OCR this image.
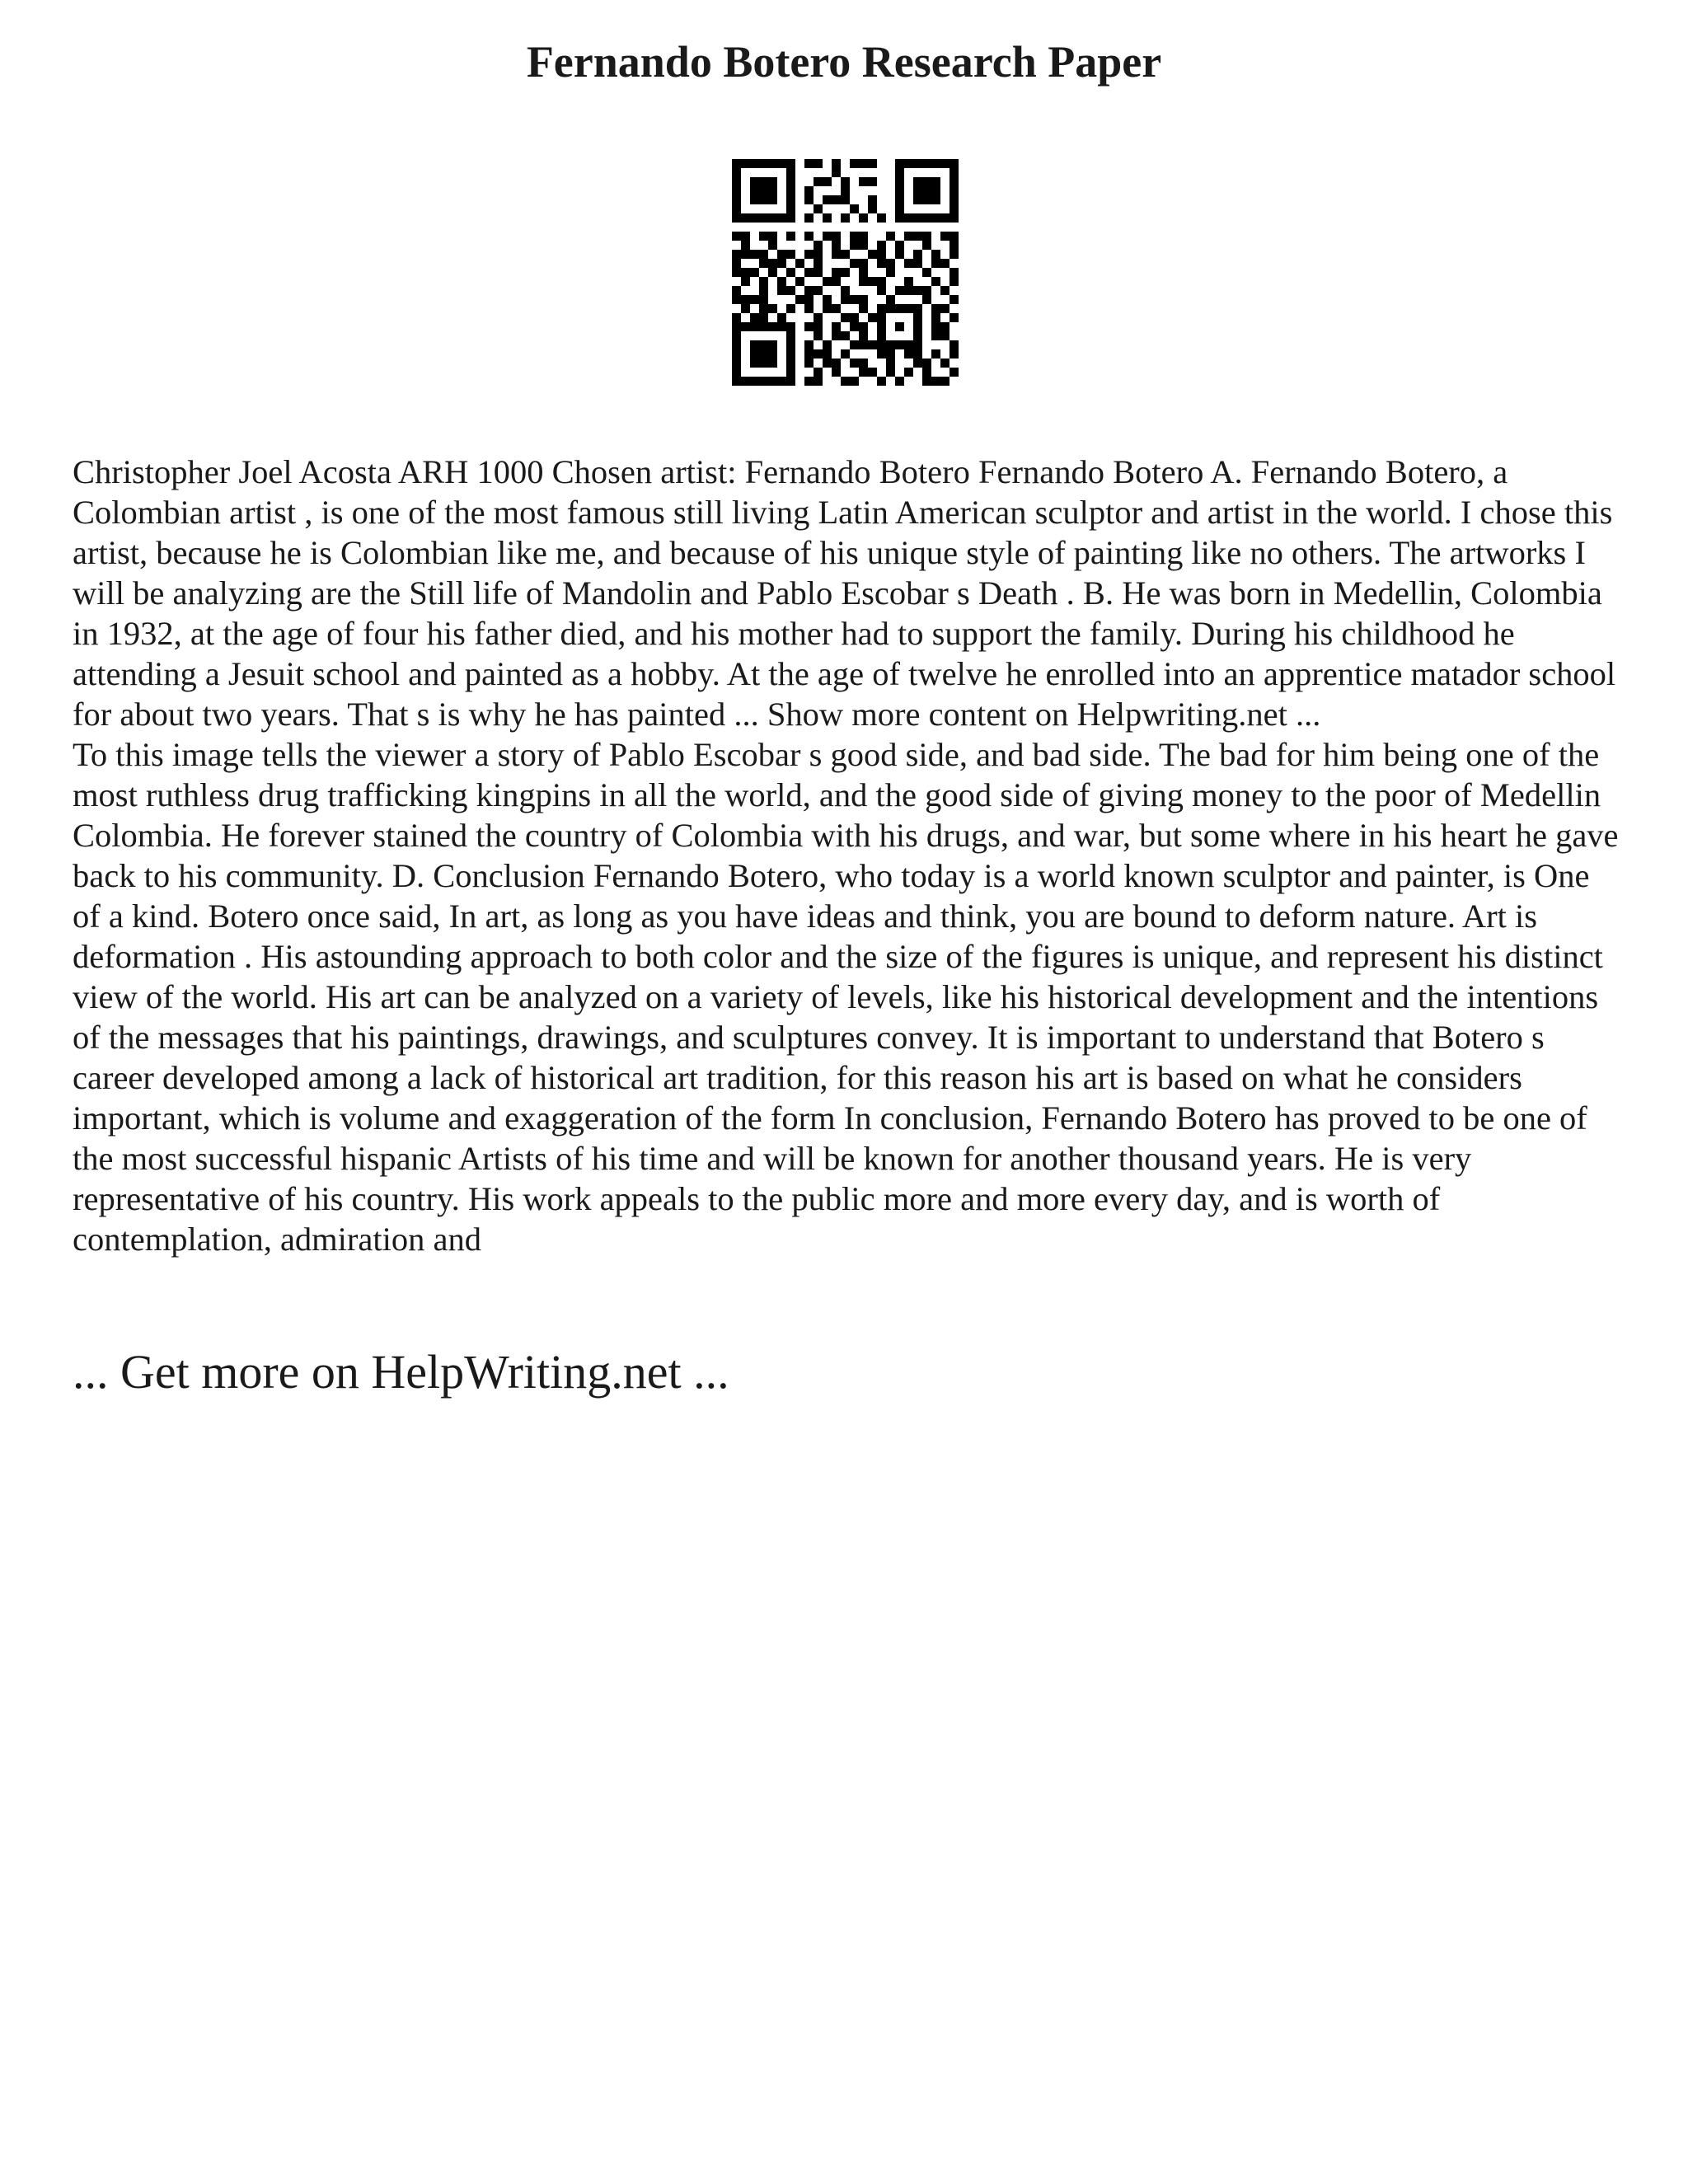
Fernando Botero Research Paper

Christopher Joel Acosta ARH 1000 Chosen artist: Fernando Botero Fernando Botero A. Fernando Botero, a Colombian artist , is one of the most famous still living Latin American sculptor and artist in the world. I chose this artist, because he is Colombian like me, and because of his unique style of painting like no others. The artworks I will be analyzing are the Still life of Mandolin and Pablo Escobar s Death . B. He was born in Medellin, Colombia in 1932, at the age of four his father died, and his mother had to support the family. During his childhood he attending a Jesuit school and painted as a hobby. At the age of twelve he enrolled into an apprentice matador school for about two years. That s is why he has painted ... Show more content on Helpwriting.net ...

To this image tells the viewer a story of Pablo Escobar s good side, and bad side. The bad for him being one of the most ruthless drug trafficking kingpins in all the world, and the good side of giving money to the poor of Medellin Colombia. He forever stained the country of Colombia with his drugs, and war, but some where in his heart he gave back to his community. D. Conclusion Fernando Botero, who today is a world known sculptor and painter, is One of a kind. Botero once said, In art, as long as you have ideas and think, you are bound to deform nature. Art is deformation . His astounding approach to both color and the size of the figures is unique, and represent his distinct view of the world. His art can be analyzed on a variety of levels, like his historical development and the intentions of the messages that his paintings, drawings, and sculptures convey. It is important to understand that Botero s career developed among a lack of historical art tradition, for this reason his art is based on what he considers important, which is volume and exaggeration of the form In conclusion, Fernando Botero has proved to be one of the most successful hispanic Artists of his time and will be known for another thousand years. He is very representative of his country. His work appeals to the public more and more every day, and is worth of contemplation, admiration and

... Get more on HelpWriting.net ...
